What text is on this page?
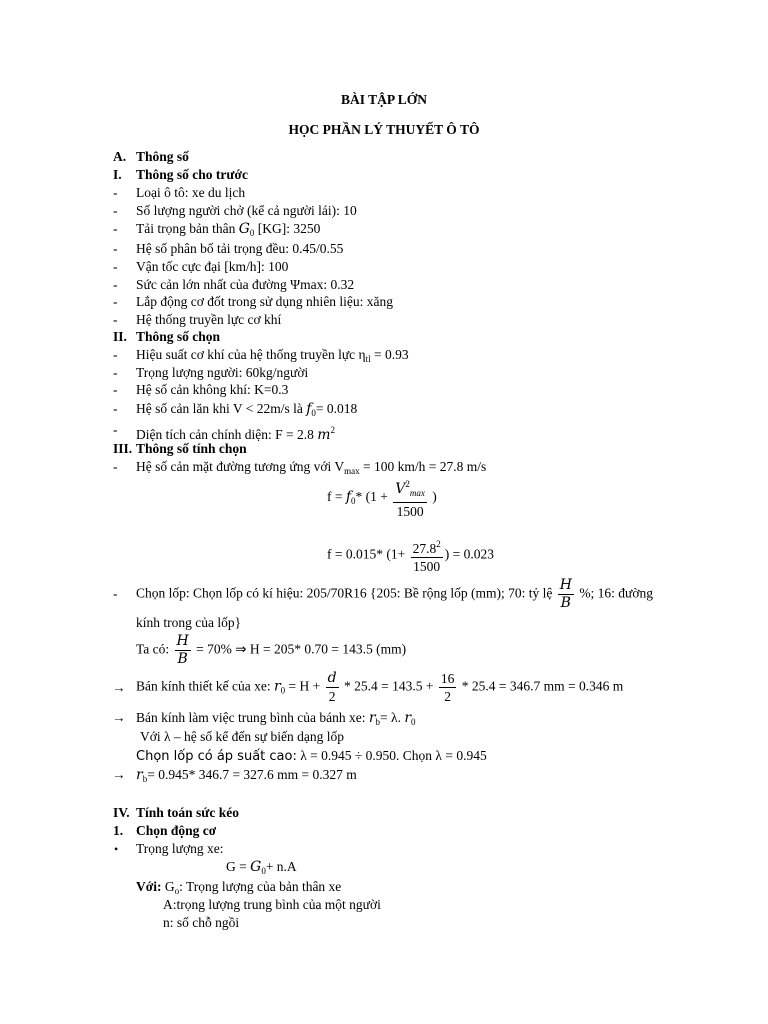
BÀI TẬP LỚN
HỌC PHẦN LÝ THUYẾT Ô TÔ
A. Thông số
I. Thông số cho trước
- Loại ô tô: xe du lịch
- Số lượng người chở (kể cả người lái): 10
- Tải trọng bản thân $G_0$ [KG]: 3250
- Hệ số phân bố tải trọng đều: 0.45/0.55
- Vận tốc cực đại [km/h]: 100
- Sức cản lớn nhất của đường Ψmax: 0.32
- Lắp động cơ đốt trong sử dụng nhiên liệu: xăng
- Hệ thống truyền lực cơ khí
II. Thông số chọn
- Hiệu suất cơ khí của hệ thống truyền lực $\eta_{tl} = 0.93$
- Trọng lượng người: 60kg/người
- Hệ số cản không khí: K=0.3
- Hệ số cản lăn khi V < 22m/s là $f_0= 0.018$
- Diện tích cản chính diện: F = 2.8 $m^2$
III. Thông số tính chọn
- Hệ số cản mặt đường tương ứng với $V_{max} = 100$ km/h = 27.8 m/s
$f = f_0*$ ($1 + \frac{V^2_{max}}{1500}$ )
f = 0.015* ($1+ \frac{27.8^2}{1500}$ ) = 0.023
- Chọn lốp: Chọn lốp có kí hiệu: 205/70R16 {205: Bề rộng lốp (mm); 70: tỷ lệ $\frac{H}{B}$ %; 16: đường
kính trong của lốp}
Ta có: $\frac{H}{B} = 70\%$ ⇒ H = 205* 0.70 = 143.5 (mm)
→ Bán kính thiết kế của xe: $r_0 = H + \frac{d}{2} * 25.4 = 143.5 + \frac{16}{2} * 25.4 = 346.7$ mm = 0.346 m
→ Bán kính làm việc trung bình của bánh xe: $r_b= \lambda$. $r_0$
Với λ – hệ số kể đến sự biến dạng lốp
Chọn lốp có áp suất cao: λ = 0.945 ÷ 0.950. Chọn λ = 0.945
→ $r_b= 0.945*$ 346.7 = 327.6 mm = 0.327 m
IV. Tính toán sức kéo
1. Chọn động cơ
• Trọng lượng xe:
$G = G_0+ n.A$
Với: $G_o$: Trọng lượng của bản thân xe
A:trọng lượng trung bình của một người
n: số chỗ ngồi
